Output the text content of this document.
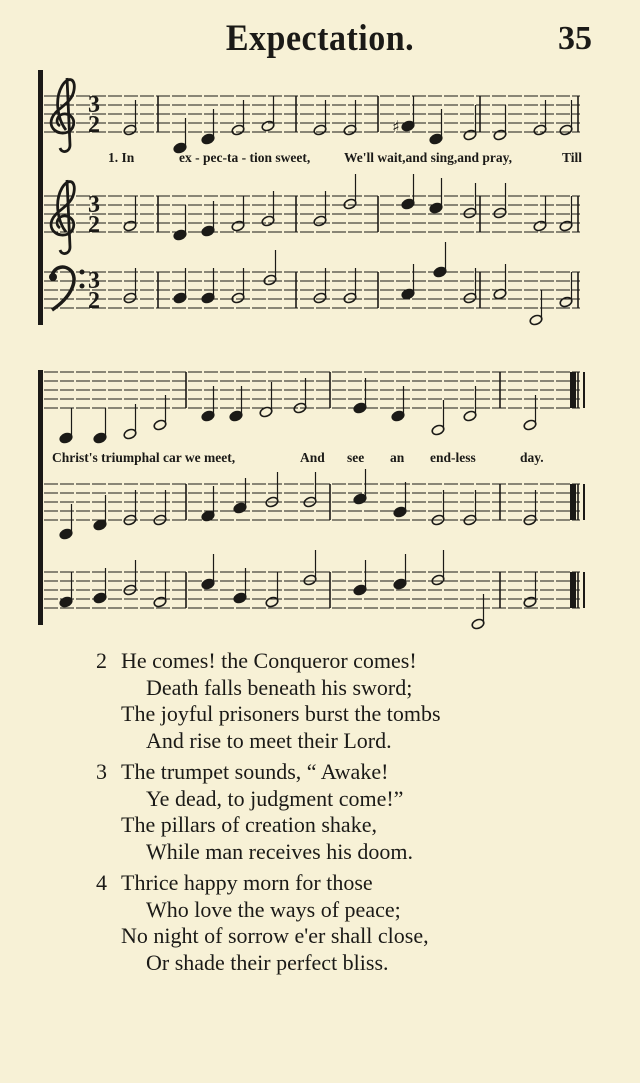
Expectation.	35
♯
3
2
3
2
3
2
1. In	ex - pec-ta - tion sweet,	We'll wait,and sing,and pray,	Till
Christ's triumphal car we meet,	And see an end-less	day.
2 He comes! the Conqueror comes!
Death falls beneath his sword;
The joyful prisoners burst the tombs
And rise to meet their Lord.
3 The trumpet sounds, “ Awake!
Ye dead, to judgment come!”
The pillars of creation shake,
While man receives his doom.
4 Thrice happy morn for those
Who love the ways of peace;
No night of sorrow e'er shall close,
Or shade their perfect bliss.
